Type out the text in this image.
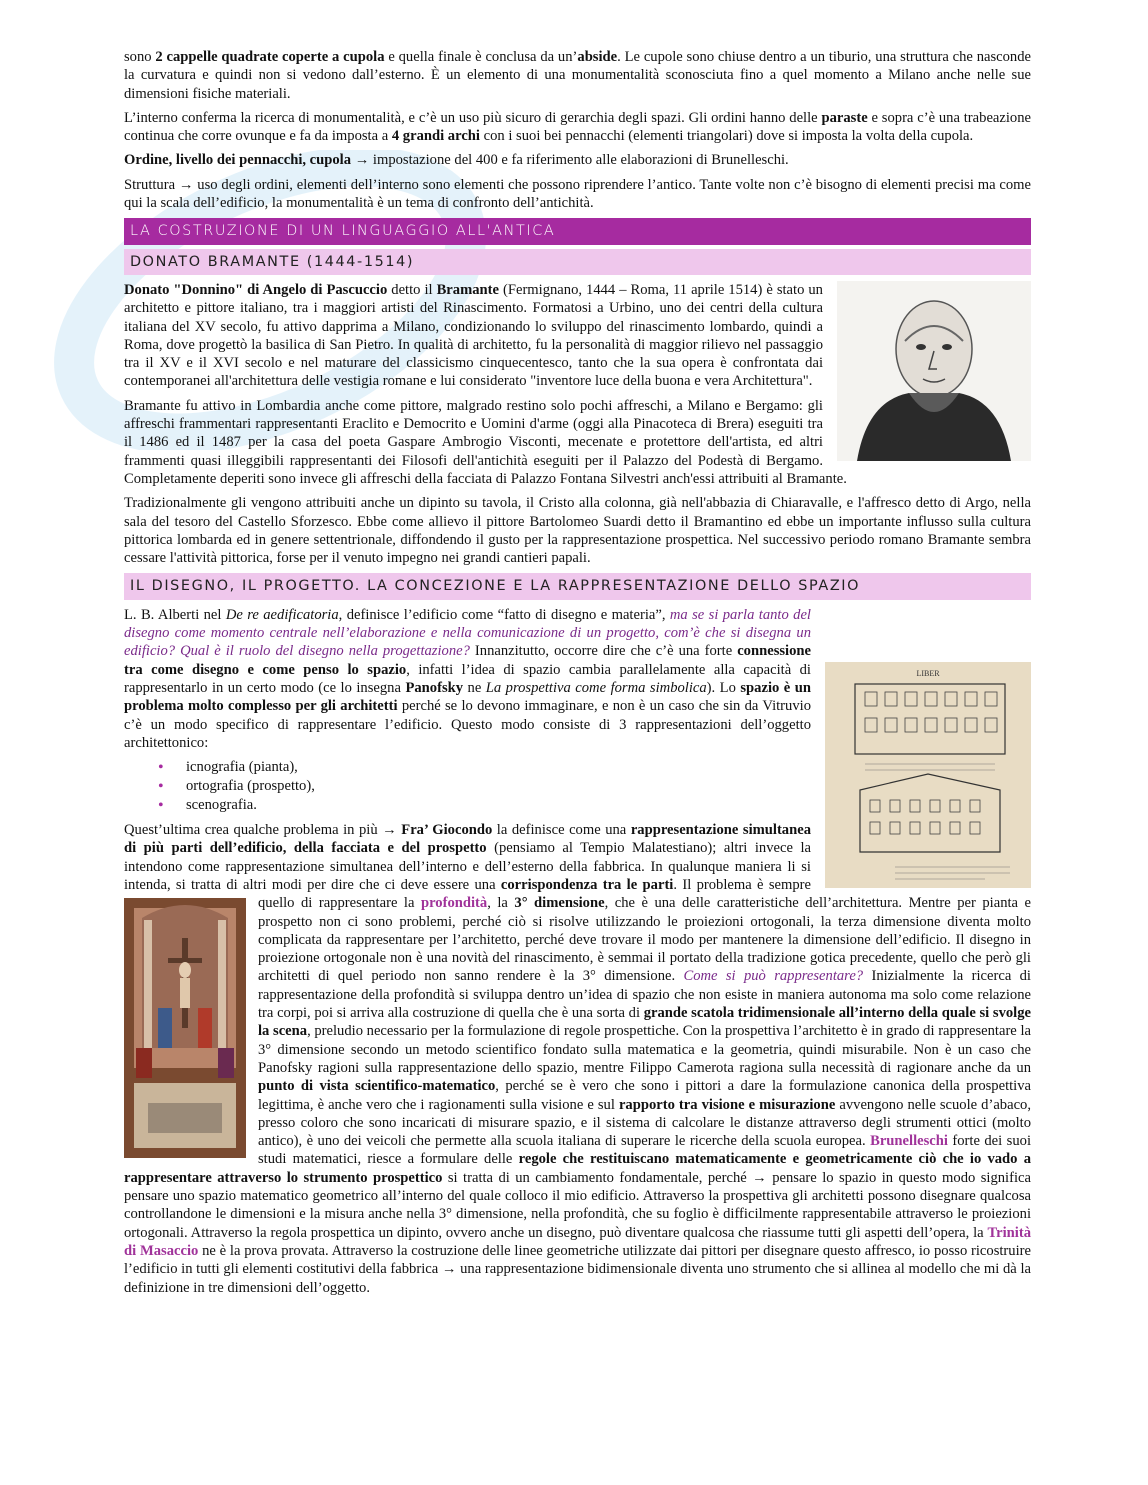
sono 2 cappelle quadrate coperte a cupola e quella finale è conclusa da un’abside. Le cupole sono chiuse dentro a un tiburio, una struttura che nasconde la curvatura e quindi non si vedono dall’esterno. È un elemento di una monumentalità sconosciuta fino a quel momento a Milano anche nelle sue dimensioni fisiche materiali.

L’interno conferma la ricerca di monumentalità, e c’è un uso più sicuro di gerarchia degli spazi. Gli ordini hanno delle paraste e sopra c’è una trabeazione continua che corre ovunque e fa da imposta a 4 grandi archi con i suoi bei pennacchi (elementi triangolari) dove si imposta la volta della cupola.

Ordine, livello dei pennacchi, cupola → impostazione del 400 e fa riferimento alle elaborazioni di Brunelleschi.

Struttura → uso degli ordini, elementi dell’interno sono elementi che possono riprendere l’antico. Tante volte non c’è bisogno di elementi precisi ma come qui la scala dell’edificio, la monumentalità è un tema di confronto dell’antichità.

LA COSTRUZIONE DI UN LINGUAGGIO ALL'ANTICA
DONATO BRAMANTE (1444-1514)

Donato "Donnino" di Angelo di Pascuccio detto il Bramante (Fermignano, 1444 – Roma, 11 aprile 1514) è stato un architetto e pittore italiano, tra i maggiori artisti del Rinascimento. Formatosi a Urbino, uno dei centri della cultura italiana del XV secolo, fu attivo dapprima a Milano, condizionando lo sviluppo del rinascimento lombardo, quindi a Roma, dove progettò la basilica di San Pietro. In qualità di architetto, fu la personalità di maggior rilievo nel passaggio tra il XV e il XVI secolo e nel maturare del classicismo cinquecentesco, tanto che la sua opera è confrontata dai contemporanei all'architettura delle vestigia romane e lui considerato "inventore luce della buona e vera Architettura".

Bramante fu attivo in Lombardia anche come pittore, malgrado restino solo pochi affreschi, a Milano e Bergamo: gli affreschi frammentari rappresentanti Eraclito e Democrito e Uomini d'arme (oggi alla Pinacoteca di Brera) eseguiti tra il 1486 ed il 1487 per la casa del poeta Gaspare Ambrogio Visconti, mecenate e protettore dell'artista, ed altri frammenti quasi illeggibili rappresentanti dei Filosofi dell'antichità eseguiti per il Palazzo del Podestà di Bergamo. Completamente deperiti sono invece gli affreschi della facciata di Palazzo Fontana Silvestri anch'essi attribuiti al Bramante.

Tradizionalmente gli vengono attribuiti anche un dipinto su tavola, il Cristo alla colonna, già nell'abbazia di Chiaravalle, e l'affresco detto di Argo, nella sala del tesoro del Castello Sforzesco. Ebbe come allievo il pittore Bartolomeo Suardi detto il Bramantino ed ebbe un importante influsso sulla cultura pittorica lombarda ed in genere settentrionale, diffondendo il gusto per la rappresentazione prospettica. Nel successivo periodo romano Bramante sembra cessare l'attività pittorica, forse per il venuto impegno nei grandi cantieri papali.

IL DISEGNO, IL PROGETTO. LA CONCEZIONE E LA RAPPRESENTAZIONE DELLO SPAZIO
LIBER

L. B. Alberti nel De re aedificatoria, definisce l’edificio come “fatto di disegno e materia”, ma se si parla tanto del disegno come momento centrale nell’elaborazione e nella comunicazione di un progetto, com’è che si disegna un edificio? Qual è il ruolo del disegno nella progettazione? Innanzitutto, occorre dire che c’è una forte connessione tra come disegno e come penso lo spazio, infatti l’idea di spazio cambia parallelamente alla capacità di rappresentarlo in un certo modo (ce lo insegna Panofsky ne La prospettiva come forma simbolica). Lo spazio è un problema molto complesso per gli architetti perché se lo devono immaginare, e non è un caso che sin da Vitruvio c’è un modo specifico di rappresentare l’edificio. Questo modo consiste di 3 rappresentazioni dell’oggetto architettonico:

• icnografia (pianta),
• ortografia (prospetto),
• scenografia.

Quest’ultima crea qualche problema in più → Fra’ Giocondo la definisce come una rappresentazione simultanea di più parti dell’edificio, della facciata e del prospetto (pensiamo al Tempio Malatestiano); altri invece la intendono come rappresentazione simultanea dell’interno e dell’esterno della fabbrica. In qualunque maniera li si intenda, si tratta di altri modi per dire che ci deve essere una corrispondenza tra le parti. Il problema è sempre quello di rappresentare la profondità, la 3° dimensione
, che è una delle caratteristiche dell’architettura. Mentre per pianta e prospetto non ci sono problemi, perché ciò si risolve utilizzando le proiezioni ortogonali, la terza dimensione diventa molto complicata da rappresentare per l’architetto, perché deve trovare il modo per mantenere la dimensione dell’edificio. Il disegno in proiezione ortogonale non è una novità del rinascimento, è semmai il portato della tradizione gotica precedente, quello che però gli architetti di quel periodo non sanno rendere è la 3° dimensione. Come si può rappresentare? Inizialmente la ricerca di rappresentazione della profondità si sviluppa dentro un’idea di spazio che non esiste in maniera autonoma ma solo come relazione tra corpi, poi si arriva alla costruzione di quella che è una sorta di grande scatola tridimensionale all’interno della quale si svolge la scena, preludio necessario per la formulazione di regole prospettiche. Con la prospettiva l’architetto è in grado di rappresentare la 3° dimensione secondo un metodo scientifico fondato sulla matematica e la geometria, quindi misurabile. Non è un caso che Panofsky ragioni sulla rappresentazione dello spazio, mentre Filippo Camerota ragiona sulla necessità di ragionare anche da un punto di vista scientifico-matematico, perché se è vero che sono i pittori a dare la formulazione canonica della prospettiva legittima, è anche vero che i ragionamenti sulla visione e sul rapporto tra visione e misurazione avvengono nelle scuole d’abaco, presso coloro che sono incaricati di misurare spazio, e il sistema di calcolare le distanze attraverso degli strumenti ottici (molto antico), è uno dei veicoli che permette alla scuola italiana di superare le ricerche della scuola europea. Brunelleschi forte dei suoi studi matematici, riesce a formulare delle regole che restituiscano matematicamente e geometricamente ciò che io vado a rappresentare attraverso lo strumento prospettico si tratta di un cambiamento fondamentale, perché → pensare lo spazio in questo modo significa pensare uno spazio matematico geometrico all’interno del quale colloco il mio edificio. Attraverso la prospettiva gli architetti possono disegnare qualcosa controllandone le dimensioni e la misura anche nella 3° dimensione, nella profondità, che su foglio è difficilmente rappresentabile attraverso le proiezioni ortogonali. Attraverso la regola prospettica un dipinto, ovvero anche un disegno, può diventare qualcosa che riassume tutti gli aspetti dell’opera, la Trinità di Masaccio ne è la prova provata. Attraverso la costruzione delle linee geometriche utilizzate dai pittori per disegnare questo affresco, io posso ricostruire l’edificio in tutti gli elementi costitutivi della fabbrica → una rappresentazione bidimensionale diventa uno strumento che si allinea al modello che mi dà la definizione in tre dimensioni dell’oggetto.
